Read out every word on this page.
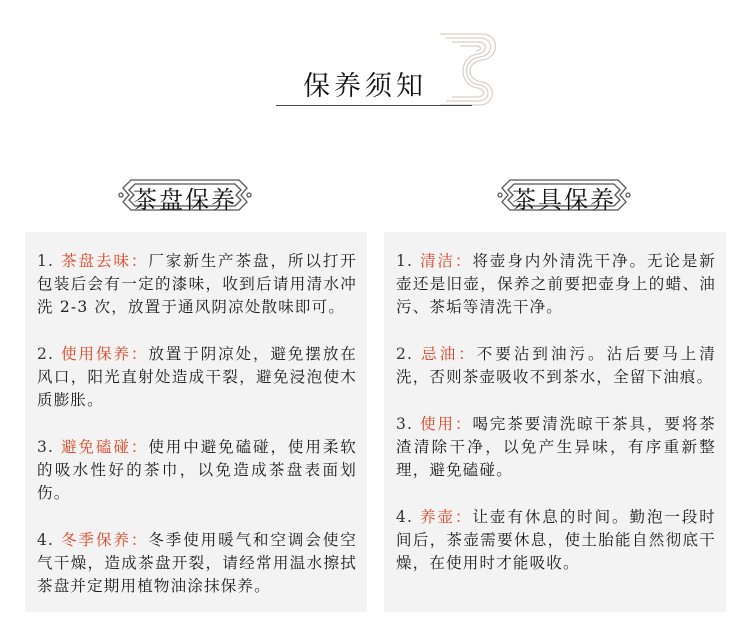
保养须知
茶盘保养	茶具保养

1. 茶盘去味：厂家新生产茶盘，所以打开包装后会有一定的漆味，收到后请用清水冲洗 2-3 次，放置于通风阴凉处散味即可。

2. 使用保养：放置于阴凉处，避免摆放在风口，阳光直射处造成干裂，避免浸泡使木质膨胀。

3. 避免磕碰：使用中避免磕碰，使用柔软的吸水性好的茶巾，以免造成茶盘表面划伤。

4. 冬季保养：冬季使用暖气和空调会使空气干燥，造成茶盘开裂，请经常用温水擦拭茶盘并定期用植物油涂抹保养。

1. 清洁：将壶身内外清洗干净。无论是新壶还是旧壶，保养之前要把壶身上的蜡、油污、茶垢等清洗干净。

2. 忌油：不要沾到油污。沾后要马上清洗，否则茶壶吸收不到茶水，全留下油痕。

3. 使用：喝完茶要清洗晾干茶具，要将茶渣清除干净，以免产生异味，有序重新整理，避免磕碰。

4. 养壶：让壶有休息的时间。勤泡一段时间后，茶壶需要休息，使土胎能自然彻底干燥，在使用时才能吸收。
